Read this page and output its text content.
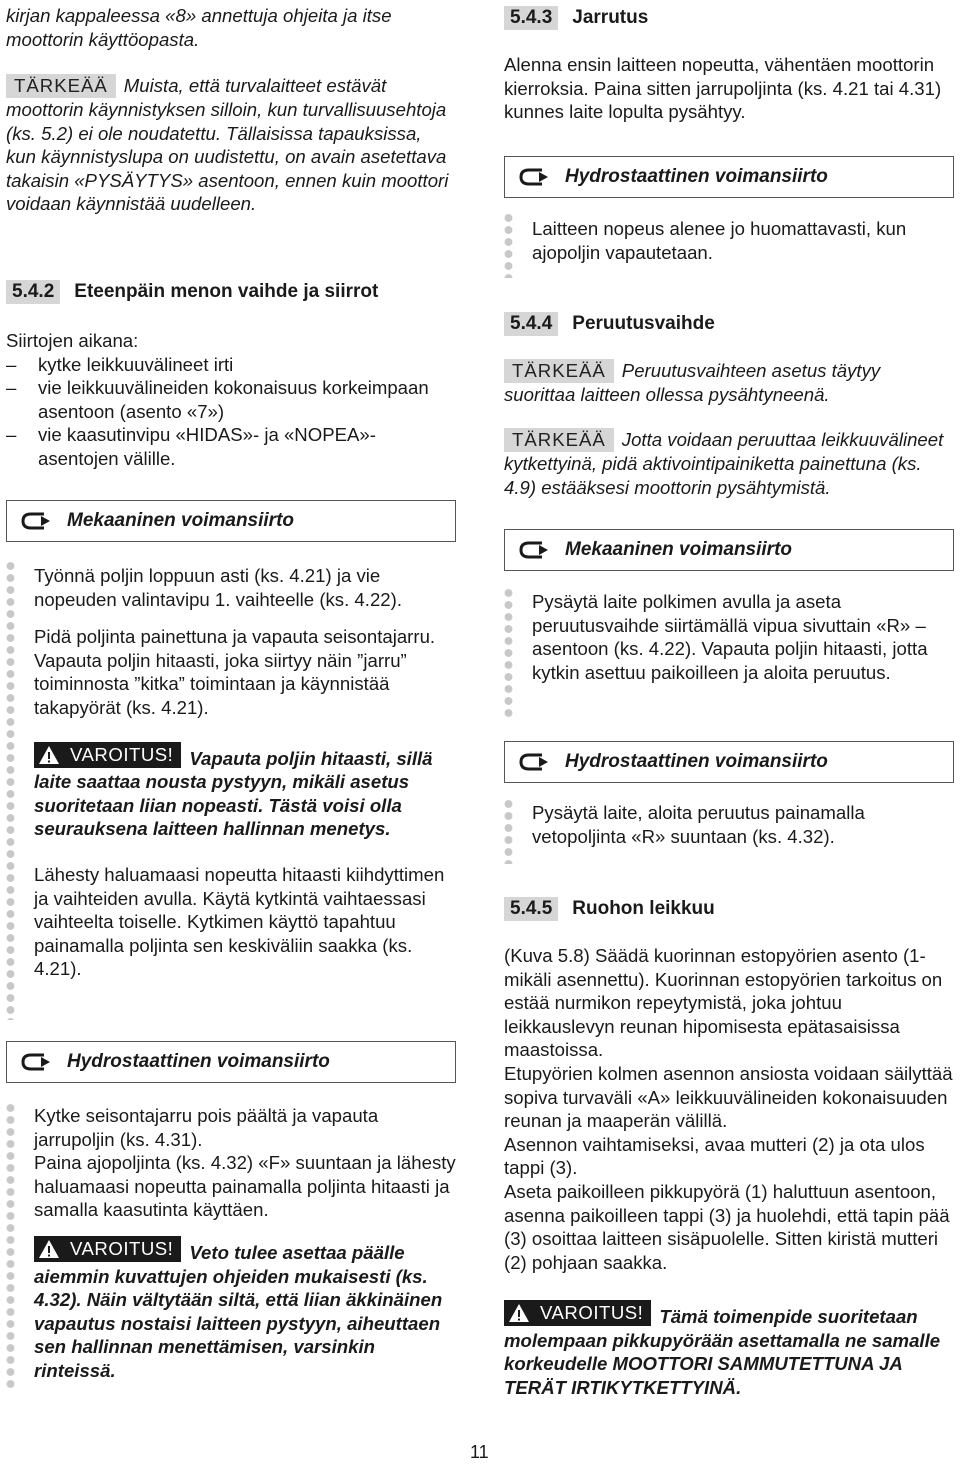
kirjan kappaleessa «8» annettuja ohjeita ja itse moottorin käyttöopasta.

TÄRKEÄÄ Muista, että turvalaitteet estävät moottorin käynnistyksen silloin, kun turvallisuusehtoja (ks. 5.2) ei ole noudatettu. Tällaisissa tapauksissa, kun käynnistyslupa on uudistettu, on avain asetettava takaisin «PYSÄYTYS» asentoon, ennen kuin moottori voidaan käynnistää uudelleen.

5.4.2 Eteenpäin menon vaihde ja siirrot

Siirtojen aikana:

–	kytke leikkuuvälineet irti
–	vie leikkuuvälineiden kokonaisuus korkeimpaan asentoon (asento «7»)
–	vie kaasutinvipu «HIDAS»- ja «NOPEA»-asentojen välille.
Mekaaninen voimansiirto

Työnnä poljin loppuun asti (ks. 4.21) ja vie nopeuden valintavipu 1. vaihteelle (ks. 4.22).

Pidä poljinta painettuna ja vapauta seisontajarru. Vapauta poljin hitaasti, joka siirtyy näin ”jarru” toiminnosta ”kitka” toimintaan ja käynnistää takapyörät (ks. 4.21).

VAROITUS! Vapauta poljin hitaasti, sillä laite saattaa nousta pystyyn, mikäli asetus suoritetaan liian nopeasti. Tästä voisi olla seurauksena laitteen hallinnan menetys.

Lähesty haluamaasi nopeutta hitaasti kiihdyttimen ja vaihteiden avulla. Käytä kytkintä vaihtaessasi vaihteelta toiselle. Kytkimen käyttö tapahtuu painamalla poljinta sen keskiväliin saakka (ks. 4.21).

Hydrostaattinen voimansiirto

Kytke seisontajarru pois päältä ja vapauta jarrupoljin (ks. 4.31).

Paina ajopoljinta (ks. 4.32) «F» suuntaan ja lähesty haluamaasi nopeutta painamalla poljinta hitaasti ja samalla kaasutinta käyttäen.

VAROITUS! Veto tulee asettaa päälle aiemmin kuvattujen ohjeiden mukaisesti (ks. 4.32). Näin vältytään siltä, että liian äkkinäinen vapautus nostaisi laitteen pystyyn, aiheuttaen sen hallinnan menettämisen, varsinkin rinteissä.

5.4.3 Jarrutus

Alenna ensin laitteen nopeutta, vähentäen moottorin kierroksia. Paina sitten jarrupoljinta (ks. 4.21 tai 4.31) kunnes laite lopulta pysähtyy.

Hydrostaattinen voimansiirto

Laitteen nopeus alenee jo huomattavasti, kun ajopoljin vapautetaan.

5.4.4 Peruutusvaihde

TÄRKEÄÄ Peruutusvaihteen asetus täytyy suorittaa laitteen ollessa pysähtyneenä.

TÄRKEÄÄ Jotta voidaan peruuttaa leikkuuvälineet kytkettyinä, pidä aktivointipainiketta painettuna (ks. 4.9) estääksesi moottorin pysähtymistä.

Mekaaninen voimansiirto

Pysäytä laite polkimen avulla ja aseta peruutusvaihde siirtämällä vipua sivuttain «R» – asentoon (ks. 4.22). Vapauta poljin hitaasti, jotta kytkin asettuu paikoilleen ja aloita peruutus.

Hydrostaattinen voimansiirto

Pysäytä laite, aloita peruutus painamalla vetopoljinta «R» suuntaan (ks. 4.32).

5.4.5 Ruohon leikkuu

(Kuva 5.8) Säädä kuorinnan estopyörien asento (1-mikäli asennettu). Kuorinnan estopyörien tarkoitus on estää nurmikon repeytymistä, joka johtuu leikkauslevyn reunan hipomisesta epätasaisissa maastoissa.
Etupyörien kolmen asennon ansiosta voidaan säilyttää sopiva turvaväli «A» leikkuuvälineiden kokonaisuuden reunan ja maaperän välillä.
Asennon vaihtamiseksi, avaa mutteri (2) ja ota ulos tappi (3).
Aseta paikoilleen pikkupyörä (1) haluttuun asentoon, asenna paikoilleen tappi (3) ja huolehdi, että tapin pää (3) osoittaa laitteen sisäpuolelle. Sitten kiristä mutteri (2) pohjaan saakka.

VAROITUS! Tämä toimenpide suoritetaan molempaan pikkupyörään asettamalla ne samalle korkeudelle MOOTTORI SAMMUTETTUNA JA TERÄT IRTIKYTKETTYINÄ.

11
